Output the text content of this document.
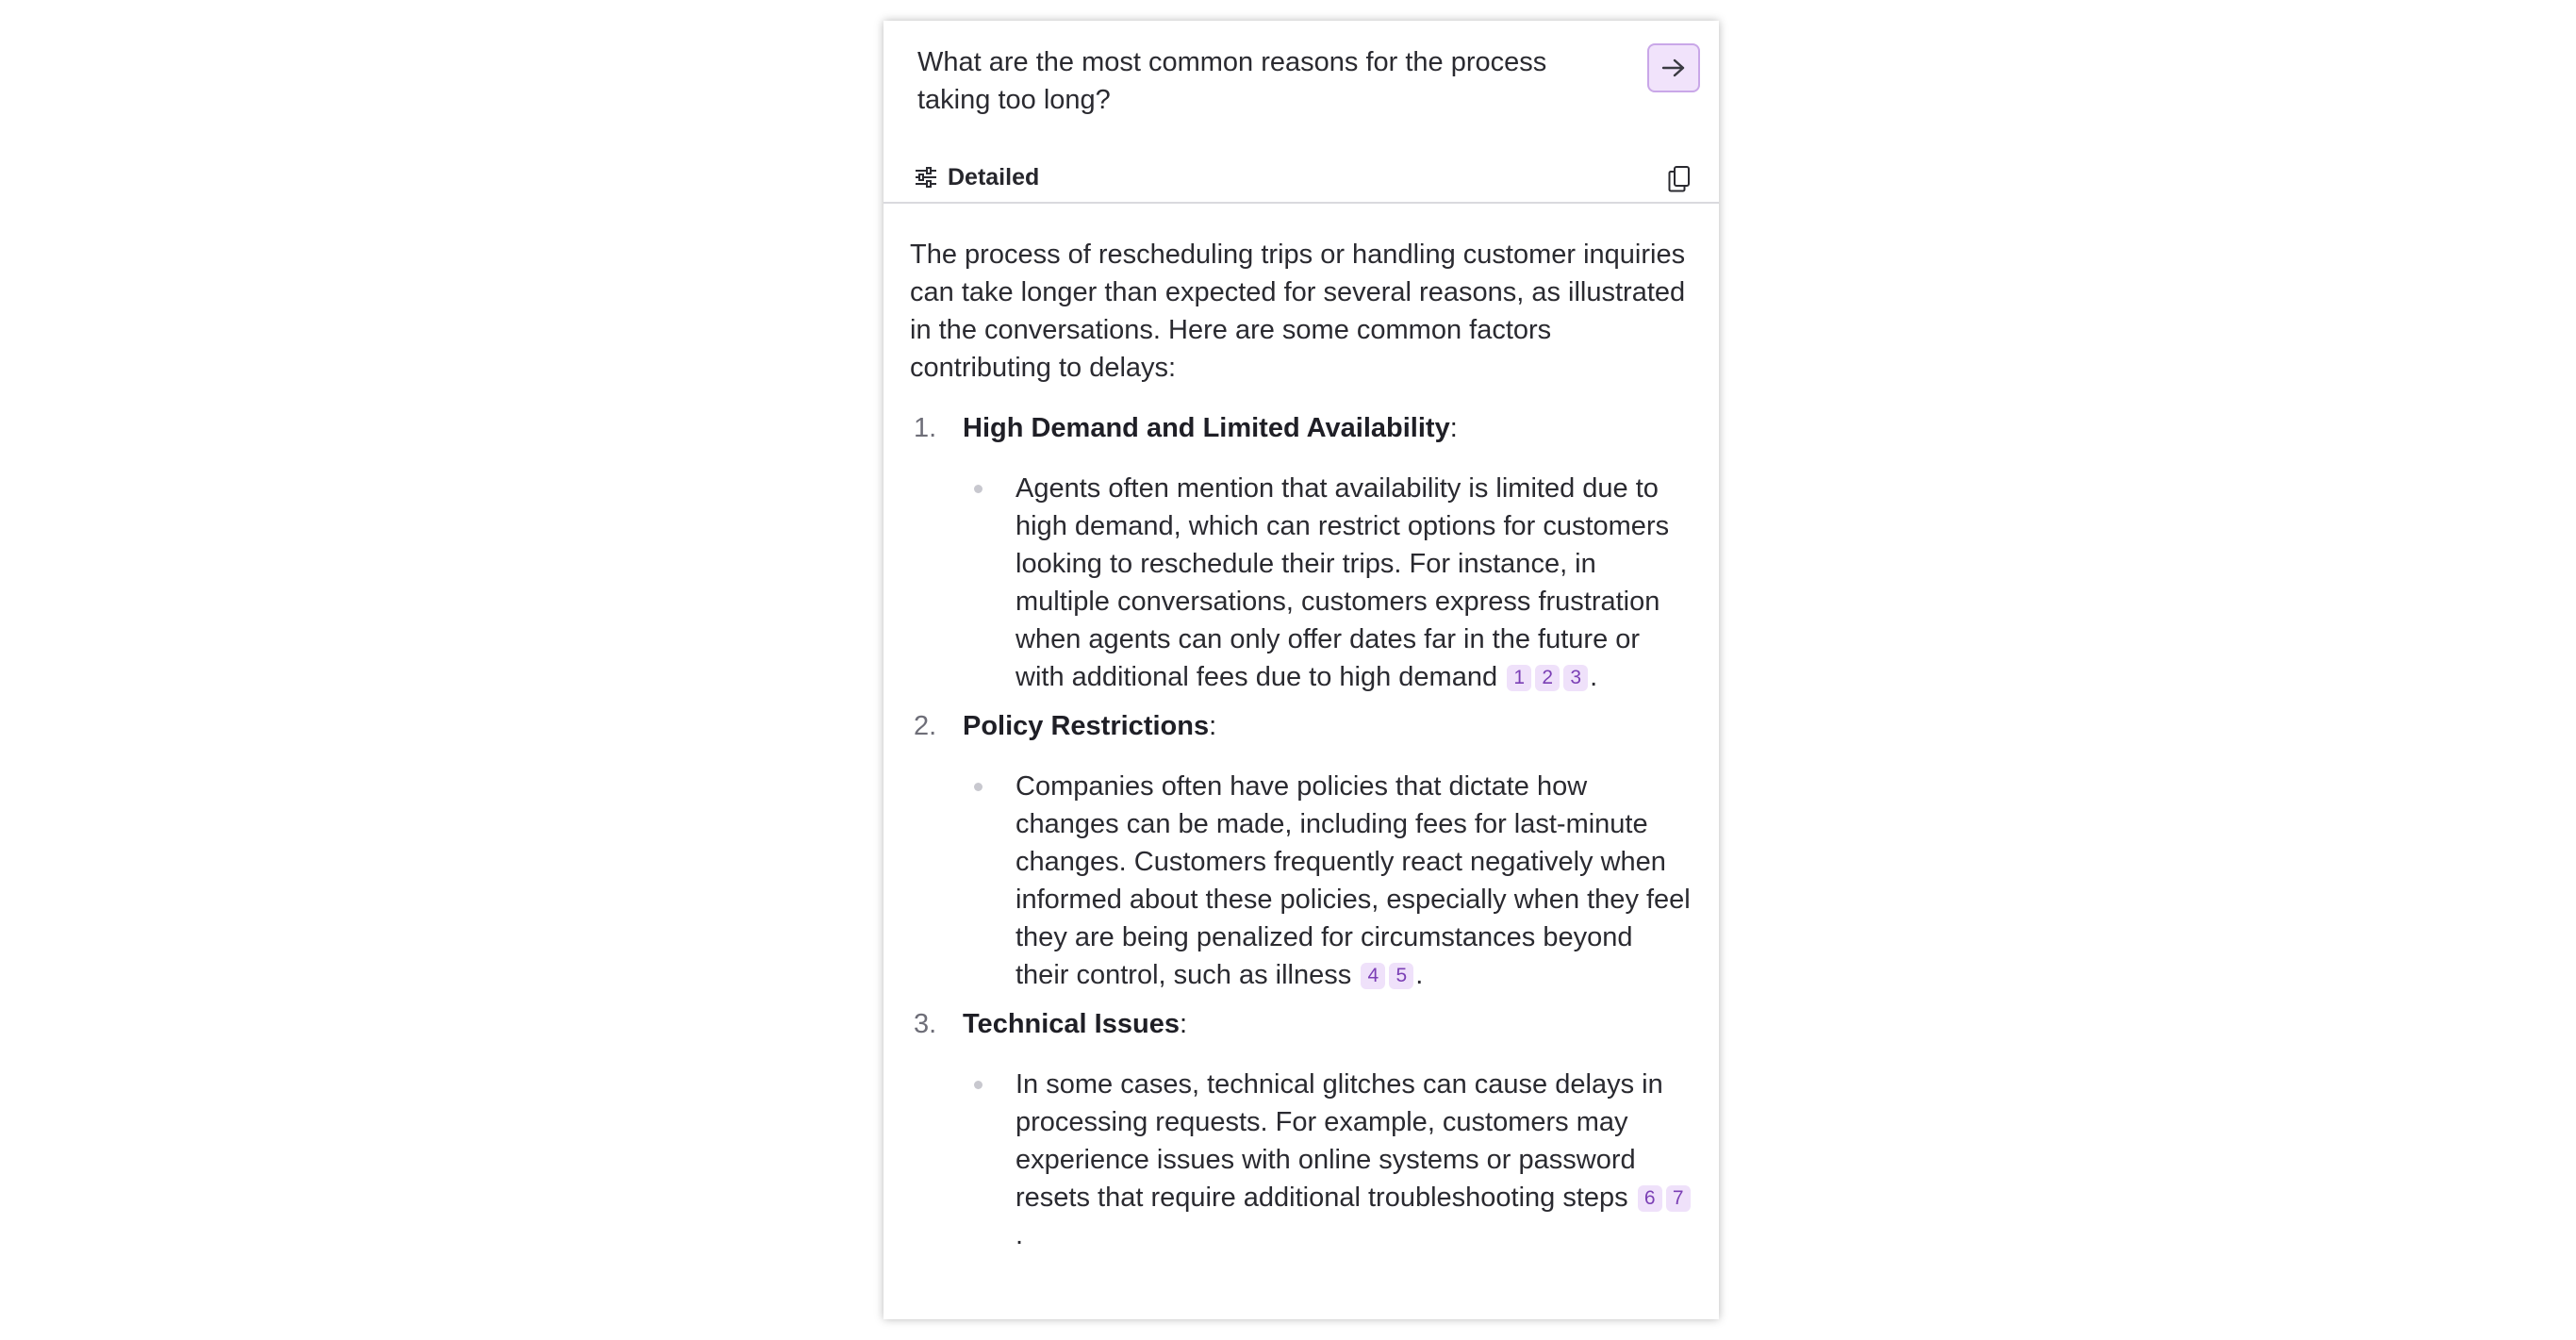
What are the most common reasons for the process taking too long?

Detailed

The process of rescheduling trips or handling customer inquiries can take longer than expected for several reasons, as illustrated in the conversations. Here are some common factors contributing to delays:

1. High Demand and Limited Availability:

Agents often mention that availability is limited due to high demand, which can restrict options for customers looking to reschedule their trips. For instance, in multiple conversations, customers express frustration when agents can only offer dates far in the future or with additional fees due to high demand 1 2 3 .
2. Policy Restrictions:

Companies often have policies that dictate how changes can be made, including fees for last-minute changes. Customers frequently react negatively when informed about these policies, especially when they feel they are being penalized for circumstances beyond their control, such as illness 4 5 .
3. Technical Issues:

In some cases, technical glitches can cause delays in processing requests. For example, customers may experience issues with online systems or password resets that require additional troubleshooting steps 6 7.
